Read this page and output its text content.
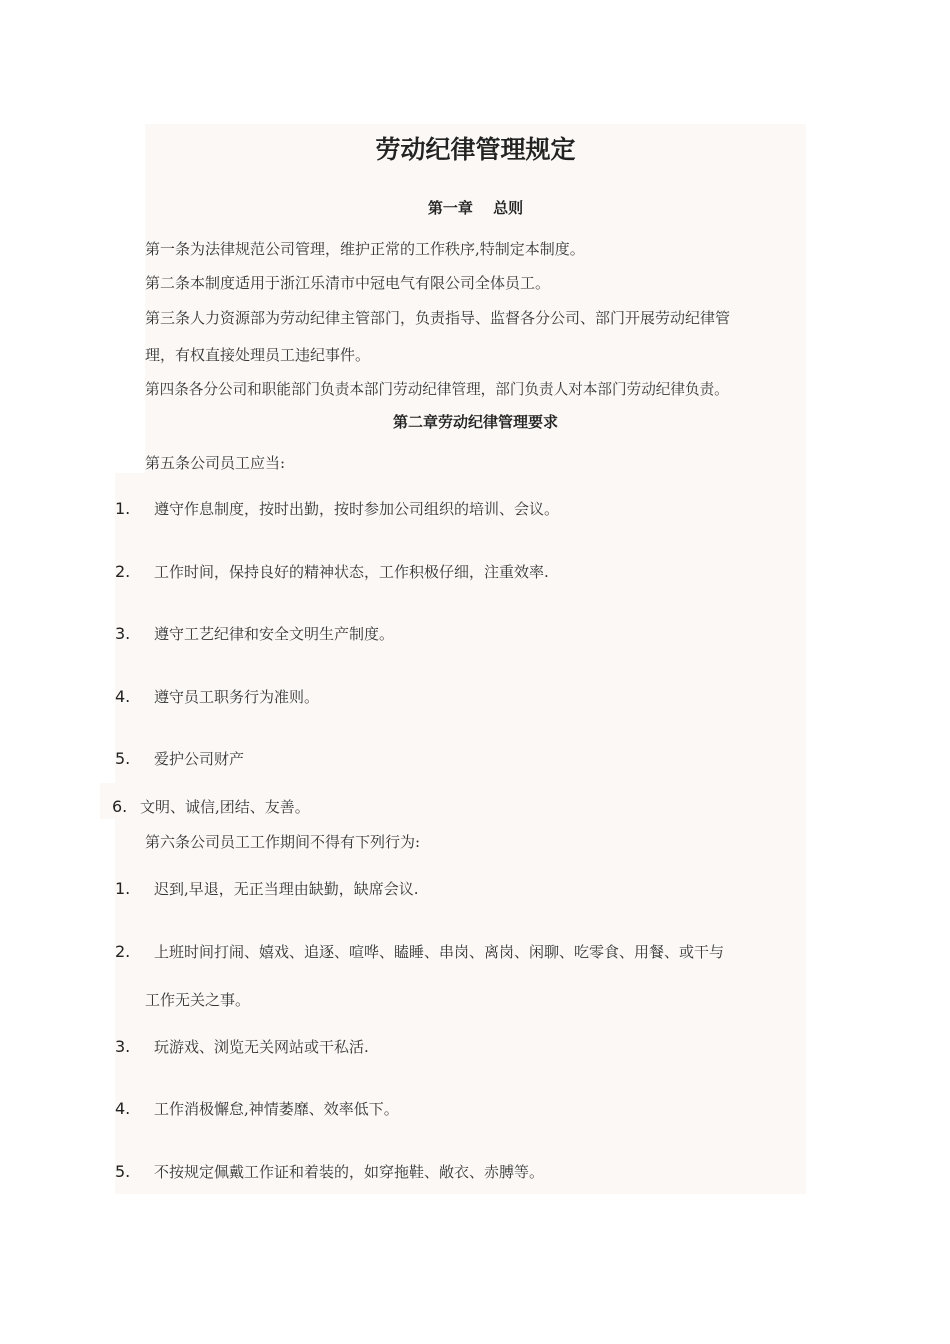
劳动纪律管理规定
第一章　 总则
第一条为法律规范公司管理，维护正常的工作秩序,特制定本制度。
第二条本制度适用于浙江乐清市中冠电气有限公司全体员工。
第三条人力资源部为劳动纪律主管部门，负责指导、监督各分公司、部门开展劳动纪律管
理，有权直接处理员工违纪事件。
第四条各分公司和职能部门负责本部门劳动纪律管理，部门负责人对本部门劳动纪律负责。
第二章劳动纪律管理要求
第五条公司员工应当:
1. 遵守作息制度，按时出勤，按时参加公司组织的培训、会议。
2. 工作时间，保持良好的精神状态，工作积极仔细，注重效率.
3. 遵守工艺纪律和安全文明生产制度。
4. 遵守员工职务行为准则。
5. 爱护公司财产
6. 文明、诚信,团结、友善。
第六条公司员工工作期间不得有下列行为:
1. 迟到,早退，无正当理由缺勤，缺席会议.
2. 上班时间打闹、嬉戏、追逐、喧哗、瞌睡、串岗、离岗、闲聊、吃零食、用餐、或干与
工作无关之事。
3. 玩游戏、浏览无关网站或干私活.
4. 工作消极懈怠,神情萎靡、效率低下。
5. 不按规定佩戴工作证和着装的，如穿拖鞋、敞衣、赤膊等。
